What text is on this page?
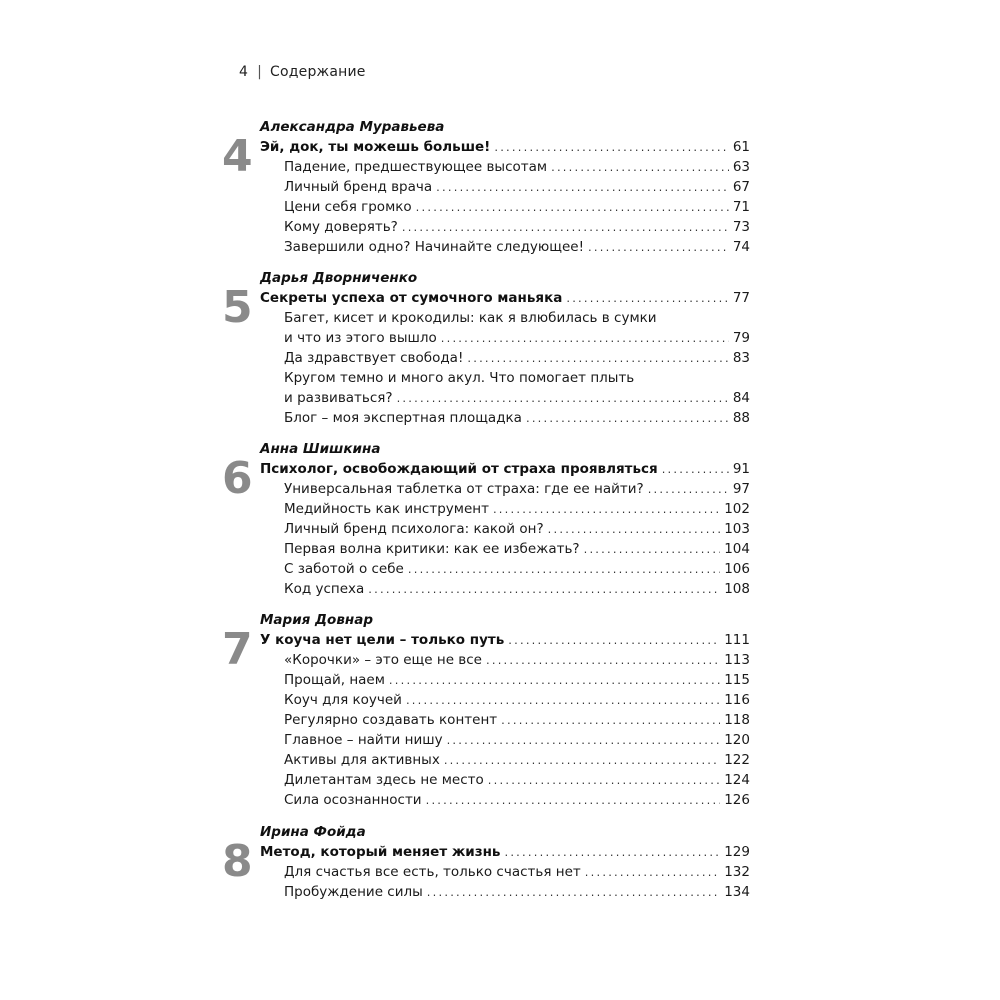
4 | Содержание
4
Александра Муравьева
Эй, док, ты можешь больше! .....	61
Падение, предшествующее высотам .....	63
Личный бренд врача .....	67
Цени себя громко .....	71
Кому доверять? .....	73
Завершили одно? Начинайте следующее! .....	74
5
Дарья Дворниченко
Секреты успеха от сумочного маньяка .....	77
Багет, кисет и крокодилы: как я влюбилась в сумки
и что из этого вышло .....	79
Да здравствует свобода! .....	83
Кругом темно и много акул. Что помогает плыть
и развиваться? .....	84
Блог – моя экспертная площадка .....	88
6
Анна Шишкина
Психолог, освобождающий от страха проявляться .....	91
Универсальная таблетка от страха: где ее найти? .....	97
Медийность как инструмент .....	102
Личный бренд психолога: какой он? .....	103
Первая волна критики: как ее избежать? .....	104
С заботой о себе .....	106
Код успеха .....	108
7
Мария Довнар
У коуча нет цели – только путь .....	111
«Корочки» – это еще не все .....	113
Прощай, наем .....	115
Коуч для коучей .....	116
Регулярно создавать контент .....	118
Главное – найти нишу .....	120
Активы для активных .....	122
Дилетантам здесь не место .....	124
Сила осознанности .....	126
8
Ирина Фойда
Метод, который меняет жизнь .....	129
Для счастья все есть, только счастья нет .....	132
Пробуждение силы .....	134
